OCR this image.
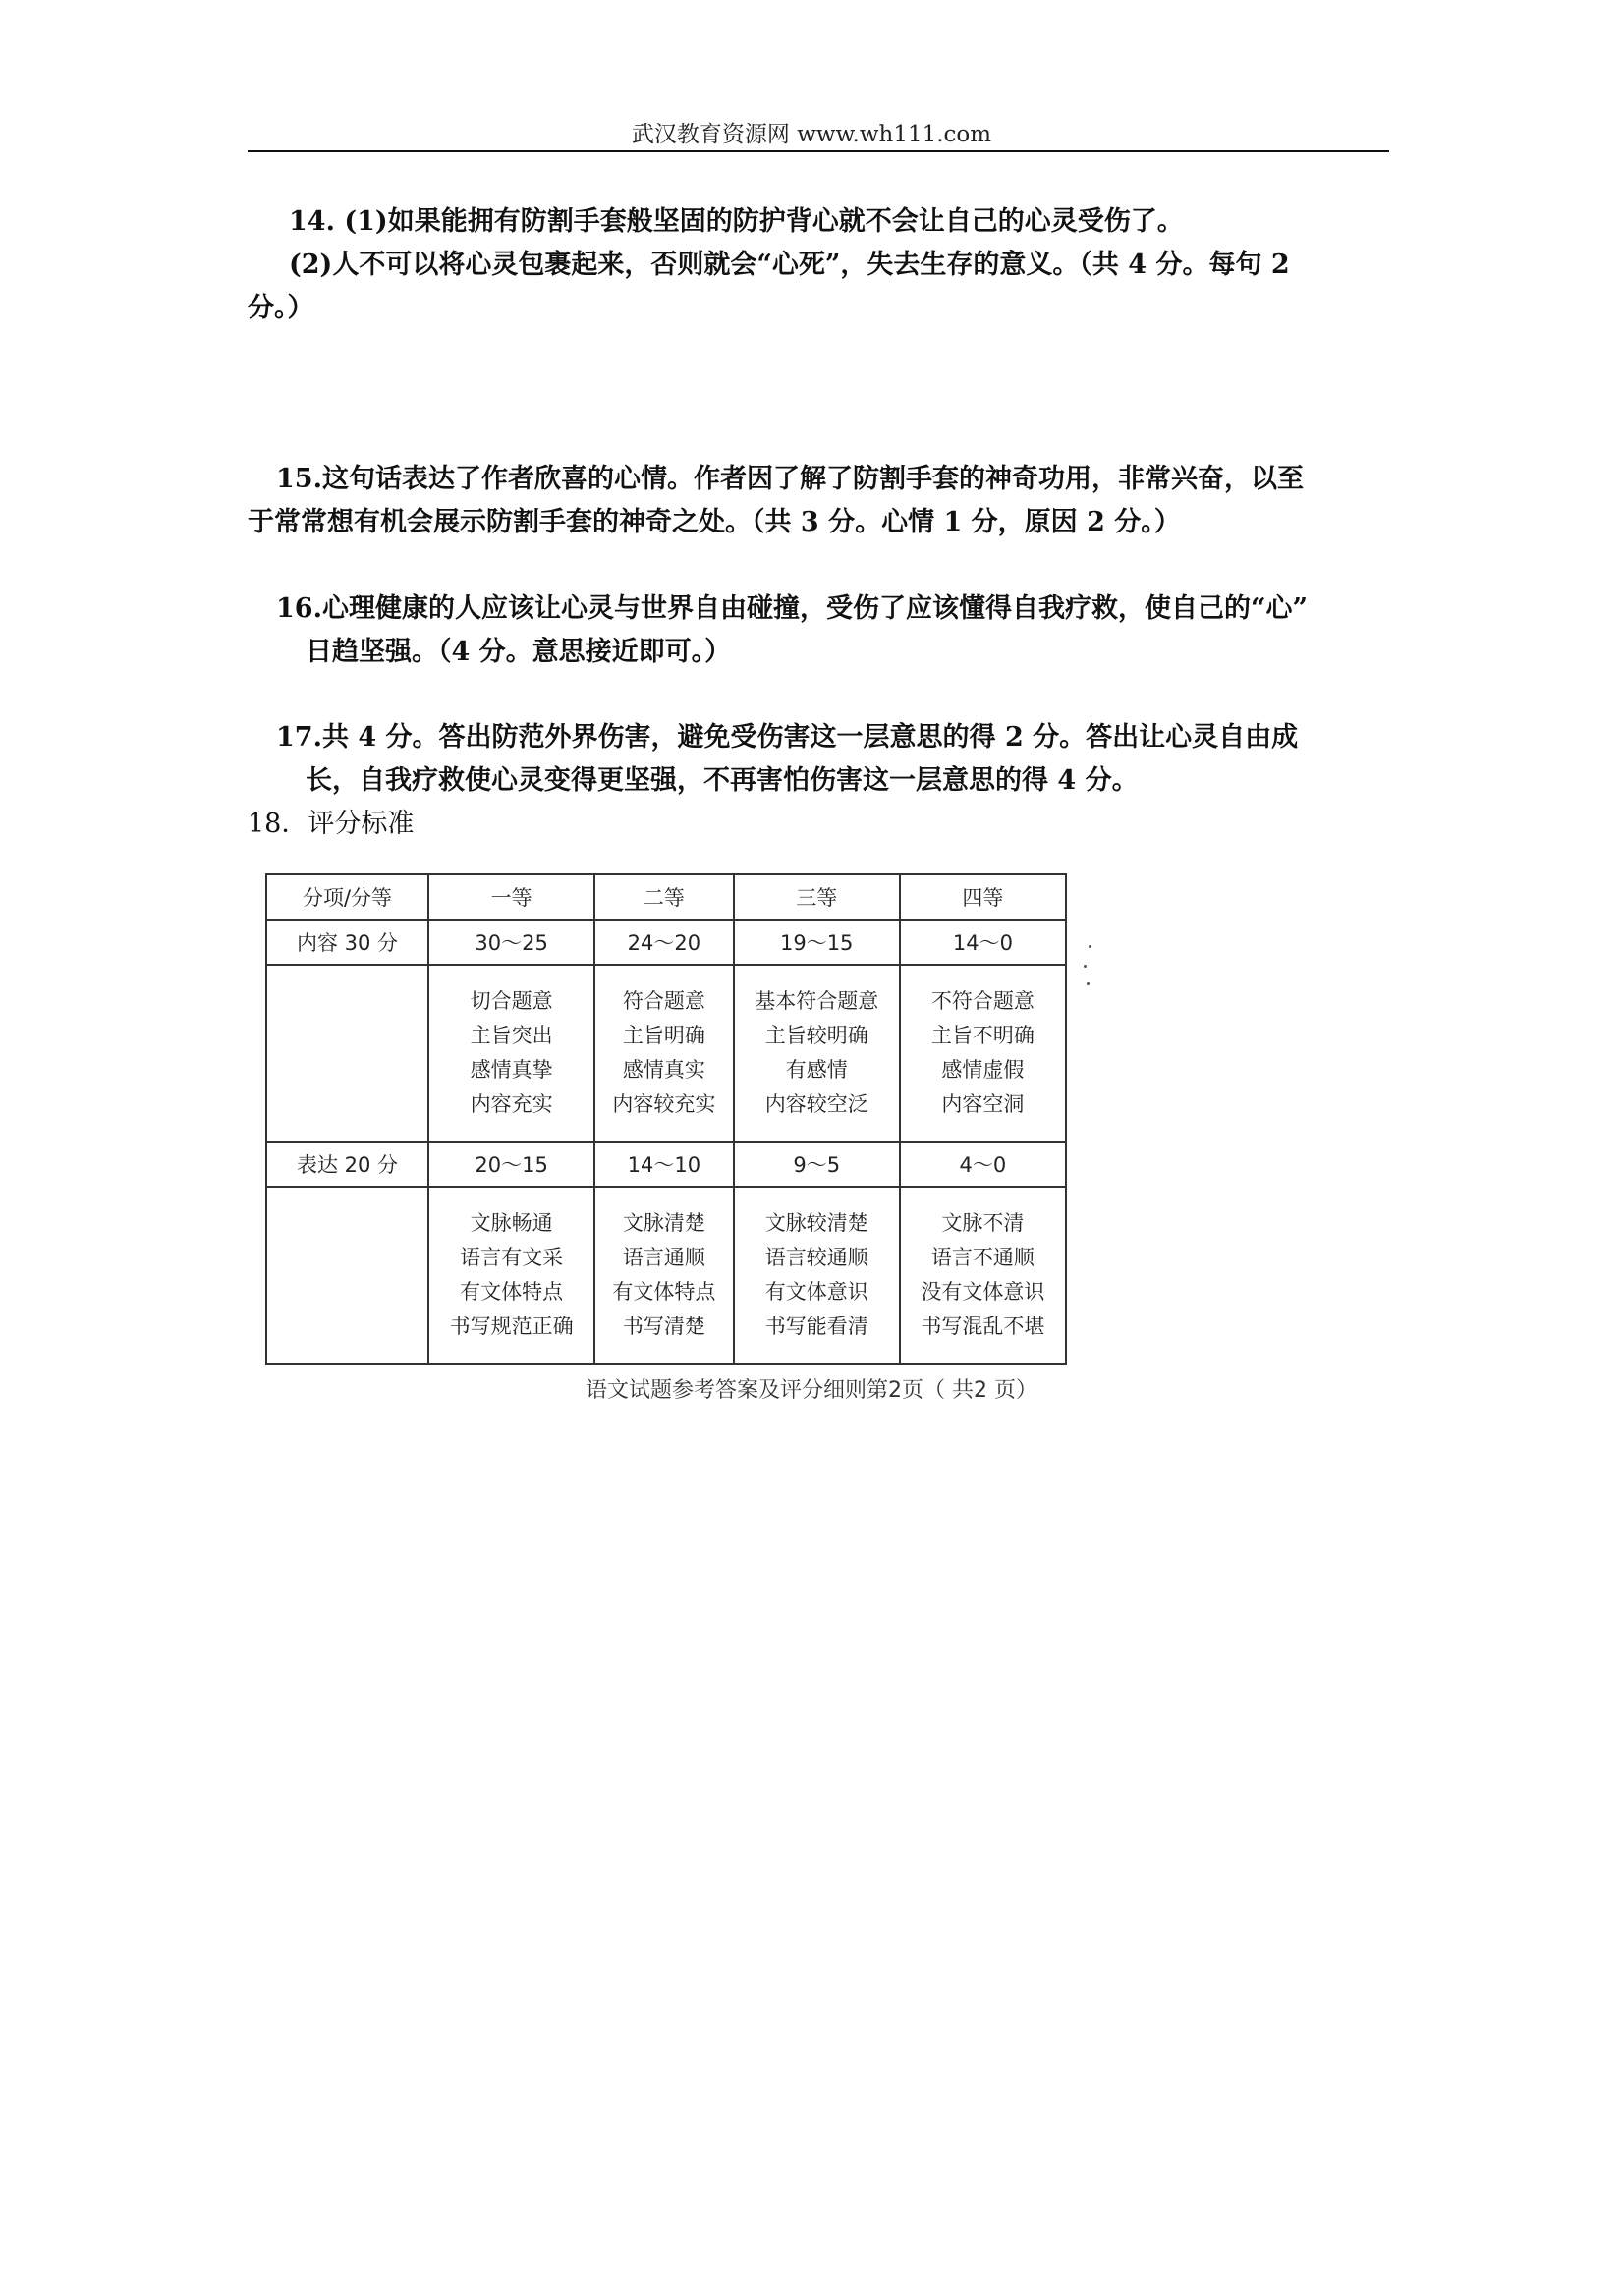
武汉教育资源网 www.wh111.com
14. (1)如果能拥有防割手套般坚固的防护背心就不会让自己的心灵受伤了。
(2)人不可以将心灵包裹起来，否则就会“心死”，失去生存的意义。（共 4 分。每句 2
分。）
15.这句话表达了作者欣喜的心情。作者因了解了防割手套的神奇功用，非常兴奋，以至
于常常想有机会展示防割手套的神奇之处。（共 3 分。心情 1 分，原因 2 分。）
16.心理健康的人应该让心灵与世界自由碰撞，受伤了应该懂得自我疗救，使自己的“心”
日趋坚强。（4 分。意思接近即可。）
17.共 4 分。答出防范外界伤害，避免受伤害这一层意思的得 2 分。答出让心灵自由成
长，自我疗救使心灵变得更坚强，不再害怕伤害这一层意思的得 4 分。
18．评分标准
分项/分等	一等	二等	三等	四等
内容 30 分	30～25	24～20	19～15	14～0

	切合题意
主旨突出
感情真挚
内容充实	符合题意
主旨明确
感情真实
内容较充实	基本符合题意
主旨较明确
有感情
内容较空泛	不符合题意
主旨不明确
感情虚假
内容空洞

表达 20 分	20～15	14～10	9～5	4～0

	文脉畅通
语言有文采
有文体特点
书写规范正确	文脉清楚
语言通顺
有文体特点
书写清楚	文脉较清楚
语言较通顺
有文体意识
书写能看清	文脉不清
语言不通顺
没有文体意识
书写混乱不堪
语文试题参考答案及评分细则第2页（ 共2 页）
